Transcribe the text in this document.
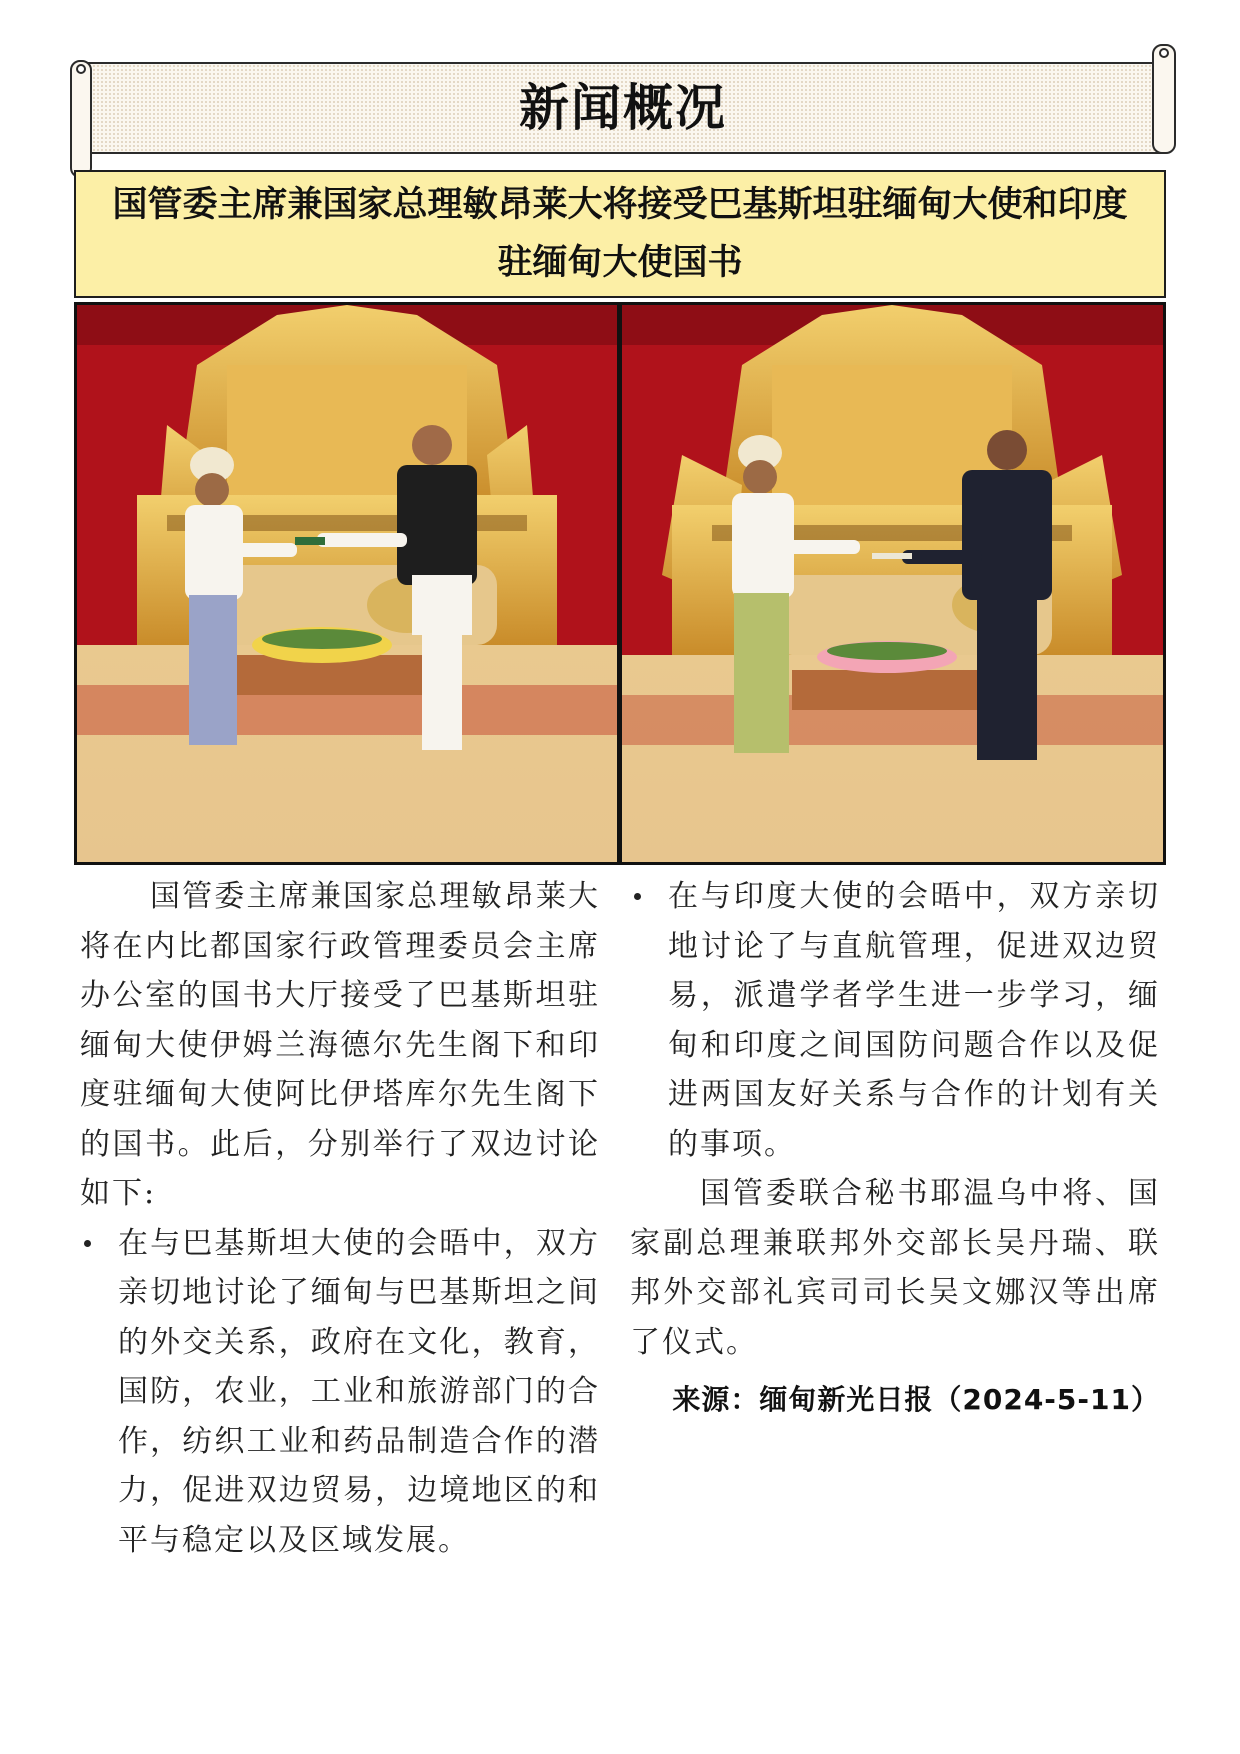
新闻概况
国管委主席兼国家总理敏昂莱大将接受巴基斯坦驻缅甸大使和印度驻缅甸大使国书

国管委主席兼国家总理敏昂莱大将在内比都国家行政管理委员会主席办公室的国书大厅接受了巴基斯坦驻缅甸大使伊姆兰海德尔先生阁下和印度驻缅甸大使阿比伊塔库尔先生阁下的国书。此后，分别举行了双边讨论如下:

在与巴基斯坦大使的会晤中，双方亲切地讨论了缅甸与巴基斯坦之间的外交关系，政府在文化，教育，国防，农业，工业和旅游部门的合作，纺织工业和药品制造合作的潜力，促进双边贸易，边境地区的和平与稳定以及区域发展。

在与印度大使的会晤中，双方亲切地讨论了与直航管理，促进双边贸易，派遣学者学生进一步学习，缅甸和印度之间国防问题合作以及促进两国友好关系与合作的计划有关的事项。

国管委联合秘书耶温乌中将、国家副总理兼联邦外交部长吴丹瑞、联邦外交部礼宾司司长吴文娜汉等出席了仪式。

来源：缅甸新光日报（2024-5-11）
